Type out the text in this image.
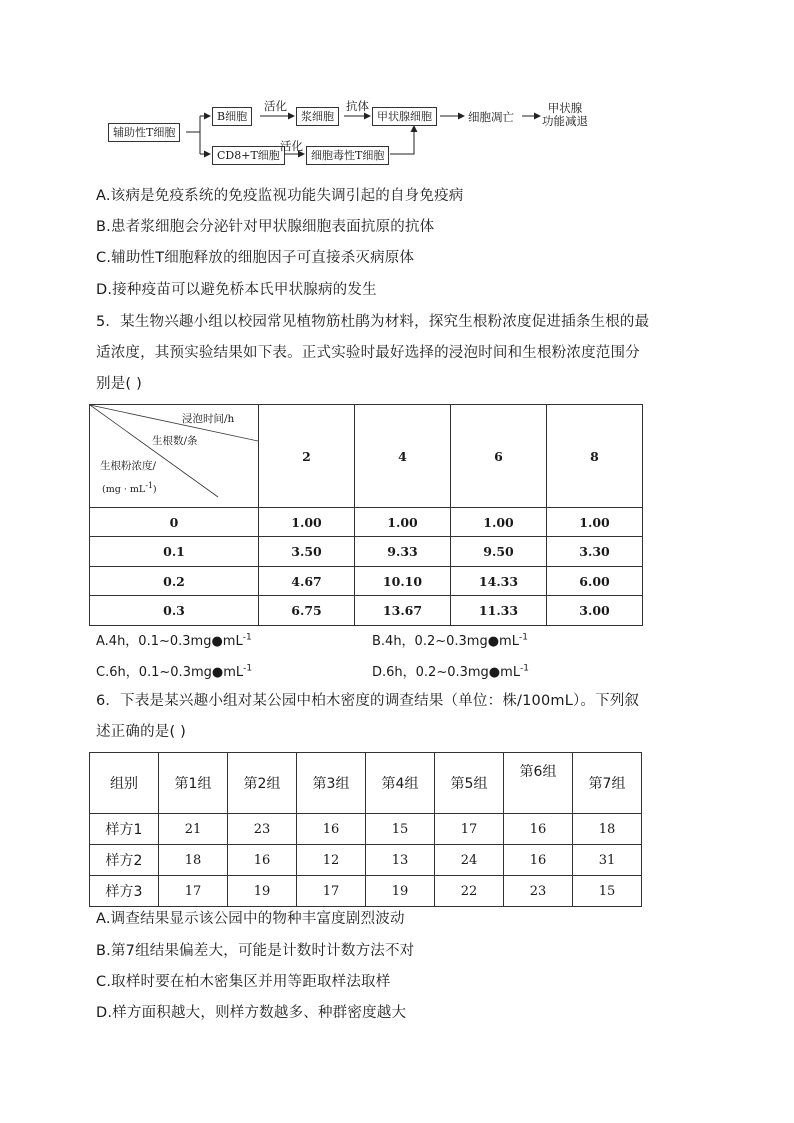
辅助性T细胞
B细胞	浆细胞	甲状腺细胞
CD8+T细胞	细胞毒性T细胞
活化	抗体
活化
细胞凋亡
甲状腺
功能减退
A.该病是免疫系统的免疫监视功能失调引起的自身免疫病
B.患者浆细胞会分泌针对甲状腺细胞表面抗原的抗体
C.辅助性T细胞释放的细胞因子可直接杀灭病原体
D.接种疫苗可以避免桥本氏甲状腺病的发生
5．某生物兴趣小组以校园常见植物筋杜鹃为材料，探究生根粉浓度促进插条生根的最
适浓度，其预实验结果如下表。正式实验时最好选择的浸泡时间和生根粉浓度范围分
别是( )
浸泡时间/h
生根数/条
生根粉浓度/
$(mg \cdot mL^{-1})$	2	4	6	8
0	1.00	1.00	1.00	1.00
0.1	3.50	9.33	9.50	3.30
0.2	4.67	10.10	14.33	6.00
0.3	6.75	13.67	11.33	3.00
A.4h，$0.1\sim 0.3mg●mL^{-1}$	B.4h，$0.2\sim 0.3mg●mL^{-1}$
C.6h，$0.1\sim 0.3mg●mL^{-1}$	D.6h，$0.2\sim 0.3mg●mL^{-1}$
6．下表是某兴趣小组对某公园中柏木密度的调查结果（单位：株/100mL）。下列叙
述正确的是( )
组别	第1组	第2组	第3组	第4组	第5组	第6组	第7组
样方1	21	23	16	15	17	16	18
样方2	18	16	12	13	24	16	31
样方3	17	19	17	19	22	23	15
A.调查结果显示该公园中的物种丰富度剧烈波动
B.第7组结果偏差大，可能是计数时计数方法不对
C.取样时要在柏木密集区并用等距取样法取样
D.样方面积越大，则样方数越多、种群密度越大
